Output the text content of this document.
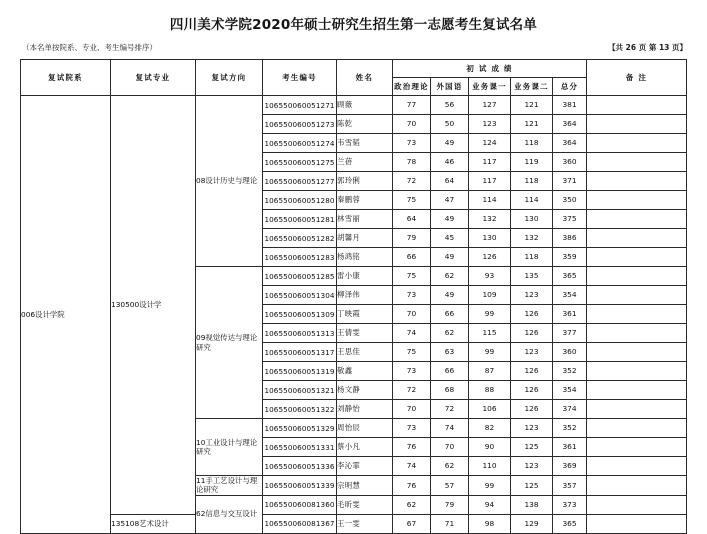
四川美术学院2020年硕士研究生招生第一志愿考生复试名单
（本名单按院系、专业、考生编号排序）	【共 26 页 第 13 页】
复试院系	复试专业	复试方向	考生编号	姓名	初 试 成 绩					备 注
					政治理论	外国语	业务课一	业务课二	总分	
006设计学院	130500设计学	08设计历史与理论	106550060051271	顾薇	77	56	127	121	381	
			106550060051273	陈乾	70	50	123	121	364	
			106550060051274	韦雪韬	73	49	124	118	364	
			106550060051275	兰蓓	78	46	117	119	360	
			106550060051277	郭玲俐	72	64	117	118	371	
			106550060051280	秦鹏蓉	75	47	114	114	350	
			106550060051281	林雪丽	64	49	132	130	375	
			106550060051282	胡馨月	79	45	130	132	386	
			106550060051283	杨鸿铭	66	49	126	118	359	
		09视觉传达与理论研究	106550060051285	雷小康	75	62	93	135	365	
			106550060051304	柳泽伟	73	49	109	123	354	
			106550060051309	丁映霞	70	66	99	126	361	
			106550060051313	王倩雯	74	62	115	126	377	
			106550060051317	王思佳	75	63	99	123	360	
			106550060051319	敬鑫	73	66	87	126	352	
			106550060051321	杨文静	72	68	88	126	354	
			106550060051322	刘静怡	70	72	106	126	374	
		10工业设计与理论研究	106550060051329	周怡辰	73	74	82	123	352	
			106550060051331	蔡小凡	76	70	90	125	361	
			106550060051336	李沁霏	74	62	110	123	369	
		11手工艺设计与理论研究	106550060051339	宗明慧	76	57	99	125	357	
		62信息与交互设计	106550060081360	毛昕雯	62	79	94	138	373	
	135108艺术设计		106550060081367	王一雯	67	71	98	129	365	
